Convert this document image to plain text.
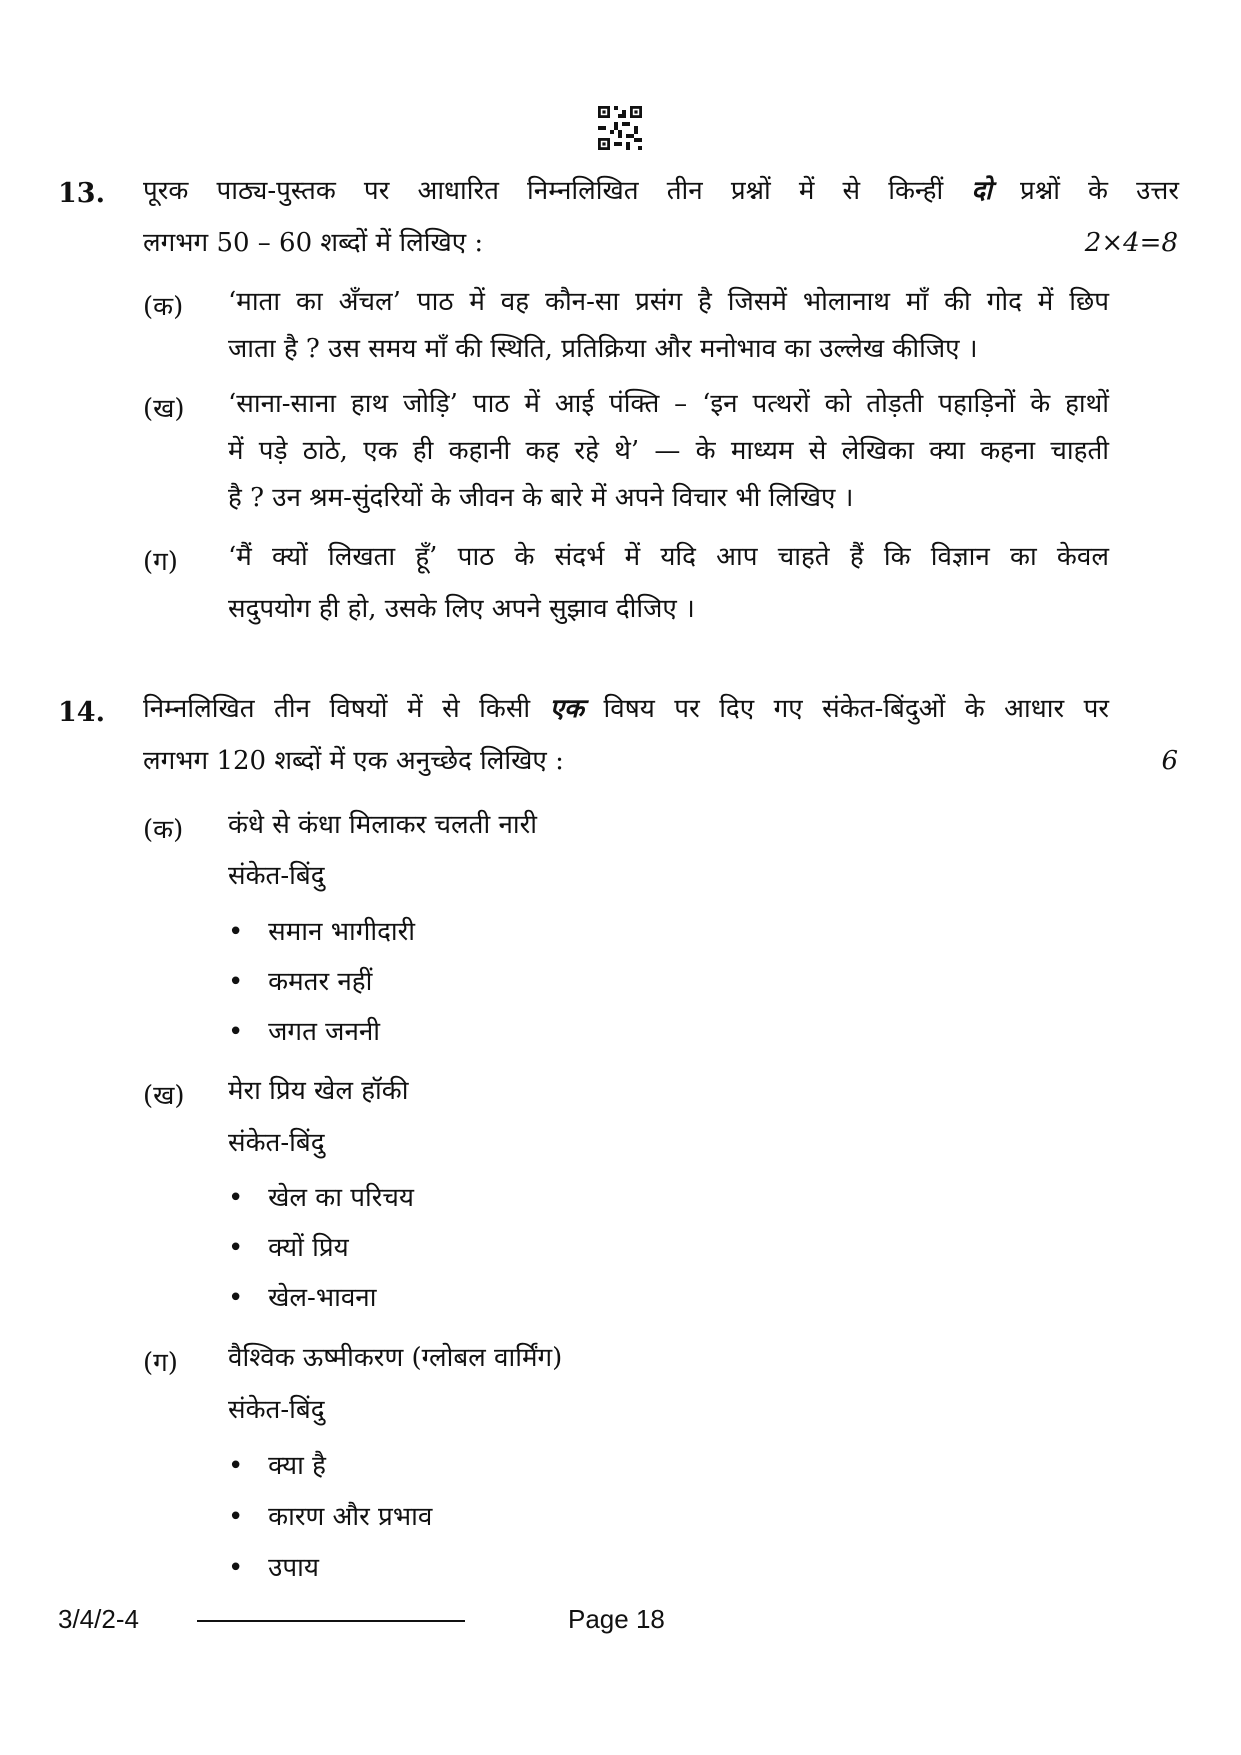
13. पूरक पाठ्य-पुस्तक पर आधारित निम्नलिखित तीन प्रश्नों में से किन्हीं दो प्रश्नों के उत्तर
लगभग 50 – 60 शब्दों में लिखिए :	2×4=8
(क) ‘माता का अँचल’ पाठ में वह कौन-सा प्रसंग है जिसमें भोलानाथ माँ की गोद में छिप
जाता है ? उस समय माँ की स्थिति, प्रतिक्रिया और मनोभाव का उल्लेख कीजिए ।
(ख) ‘साना-साना हाथ जोड़ि’ पाठ में आई पंक्ति – ‘इन पत्थरों को तोड़ती पहाड़िनों के हाथों
में पड़े ठाठे, एक ही कहानी कह रहे थे’ — के माध्यम से लेखिका क्या कहना चाहती
है ? उन श्रम-सुंदरियों के जीवन के बारे में अपने विचार भी लिखिए ।
(ग) ‘मैं क्यों लिखता हूँ’ पाठ के संदर्भ में यदि आप चाहते हैं कि विज्ञान का केवल
सदुपयोग ही हो, उसके लिए अपने सुझाव दीजिए ।
14. निम्नलिखित तीन विषयों में से किसी एक विषय पर दिए गए संकेत-बिंदुओं के आधार पर
लगभग 120 शब्दों में एक अनुच्छेद लिखिए :	6
(क) कंधे से कंधा मिलाकर चलती नारी
संकेत-बिंदु
•   समान भागीदारी
•   कमतर नहीं
•   जगत जननी
(ख) मेरा प्रिय खेल हॉकी
संकेत-बिंदु
•   खेल का परिचय
•   क्यों प्रिय
•   खेल-भावना
(ग) वैश्विक ऊष्मीकरण (ग्लोबल वार्मिंग)
संकेत-बिंदु
•   क्या है
•   कारण और प्रभाव
•   उपाय
3/4/2-4	Page 18
